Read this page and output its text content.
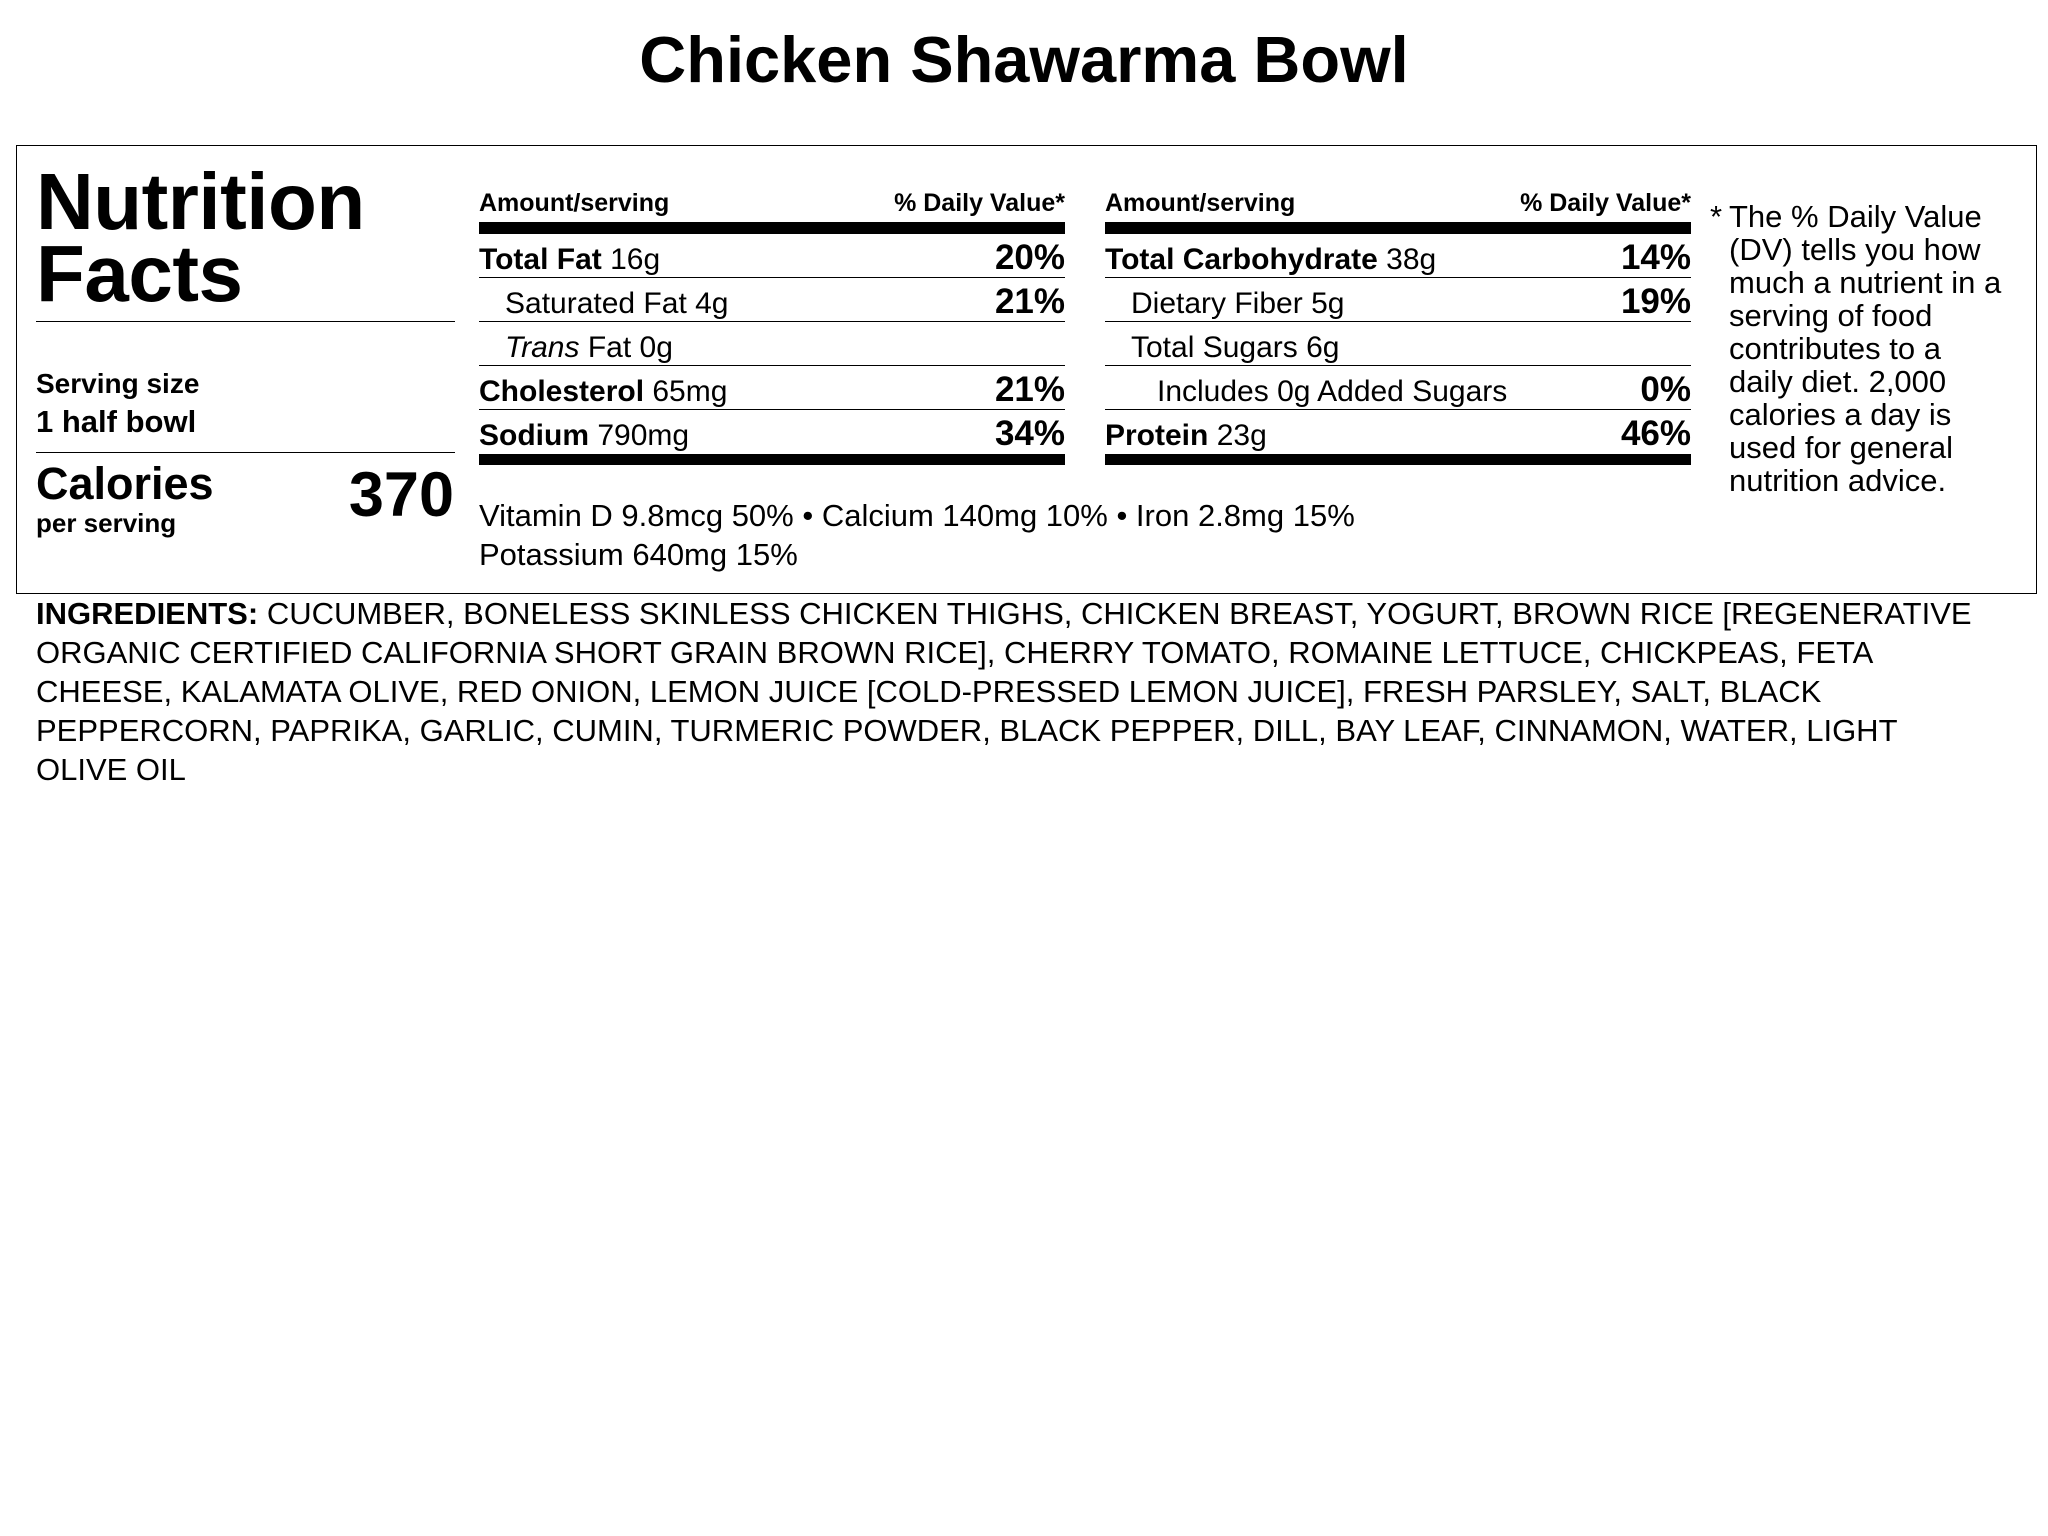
Chicken Shawarma Bowl
Nutrition
Facts
Serving size
1 half bowl
Calories
per serving	370
Amount/serving	% Daily Value*
Total Fat 16g	20%
Saturated Fat 4g	21%
Trans Fat 0g
Cholesterol 65mg	21%
Sodium 790mg	34%
Amount/serving	% Daily Value*
Total Carbohydrate 38g	14%
Dietary Fiber 5g	19%
Total Sugars 6g
Includes 0g Added Sugars	0%
Protein 23g	46%
Vitamin D 9.8mcg 50% • Calcium 140mg 10% • Iron 2.8mg 15%
Potassium 640mg 15%
* The % Daily Value (DV) tells you how much a nutrient in a serving of food contributes to a daily diet. 2,000 calories a day is used for general nutrition advice.
INGREDIENTS: CUCUMBER, BONELESS SKINLESS CHICKEN THIGHS, CHICKEN BREAST, YOGURT, BROWN RICE [REGENERATIVE ORGANIC CERTIFIED CALIFORNIA SHORT GRAIN BROWN RICE], CHERRY TOMATO, ROMAINE LETTUCE, CHICKPEAS, FETA CHEESE, KALAMATA OLIVE, RED ONION, LEMON JUICE [COLD-PRESSED LEMON JUICE], FRESH PARSLEY, SALT, BLACK PEPPERCORN, PAPRIKA, GARLIC, CUMIN, TURMERIC POWDER, BLACK PEPPER, DILL, BAY LEAF, CINNAMON, WATER, LIGHT OLIVE OIL
